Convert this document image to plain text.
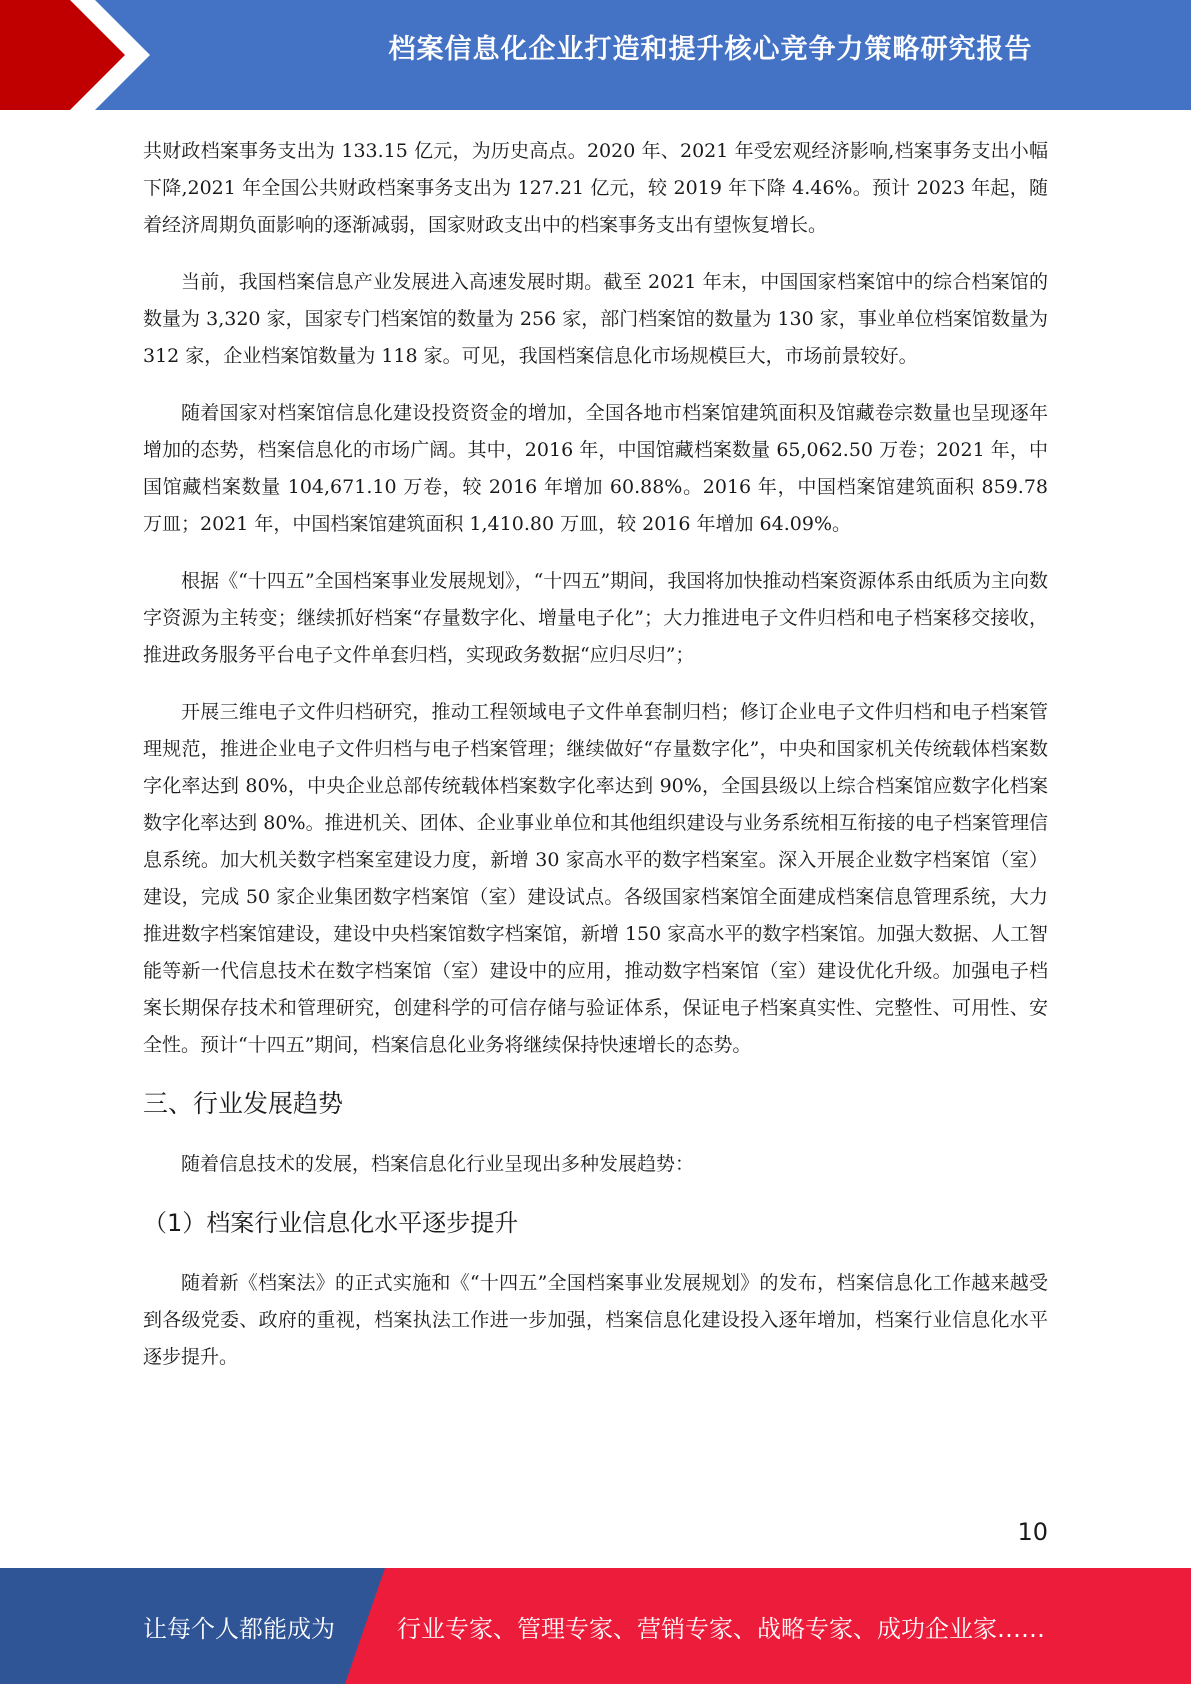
档案信息化企业打造和提升核心竞争力策略研究报告

共财政档案事务支出为 133.15 亿元，为历史高点。2020 年、2021 年受宏观经济影响,档案事务支出小幅下降,2021 年全国公共财政档案事务支出为 127.21 亿元，较 2019 年下降 4.46%。预计 2023 年起，随着经济周期负面影响的逐渐减弱，国家财政支出中的档案事务支出有望恢复增长。

当前，我国档案信息产业发展进入高速发展时期。截至 2021 年末，中国国家档案馆中的综合档案馆的数量为 3,320 家，国家专门档案馆的数量为 256 家，部门档案馆的数量为 130 家，事业单位档案馆数量为 312 家，企业档案馆数量为 118 家。可见，我国档案信息化市场规模巨大，市场前景较好。

随着国家对档案馆信息化建设投资资金的增加，全国各地市档案馆建筑面积及馆藏卷宗数量也呈现逐年增加的态势，档案信息化的市场广阔。其中，2016 年，中国馆藏档案数量 65,062.50 万卷；2021 年，中国馆藏档案数量 104,671.10 万卷，较 2016 年增加 60.88%。2016 年，中国档案馆建筑面积 859.78 万皿；2021 年，中国档案馆建筑面积 1,410.80 万皿，较 2016 年增加 64.09%。

根据《“十四五”全国档案事业发展规划》，“十四五”期间，我国将加快推动档案资源体系由纸质为主向数字资源为主转变；继续抓好档案“存量数字化、增量电子化”；大力推进电子文件归档和电子档案移交接收，推进政务服务平台电子文件单套归档，实现政务数据“应归尽归”；

开展三维电子文件归档研究，推动工程领域电子文件单套制归档；修订企业电子文件归档和电子档案管理规范，推进企业电子文件归档与电子档案管理；继续做好“存量数字化”，中央和国家机关传统载体档案数字化率达到 80%，中央企业总部传统载体档案数字化率达到 90%，全国县级以上综合档案馆应数字化档案数字化率达到 80%。推进机关、团体、企业事业单位和其他组织建设与业务系统相互衔接的电子档案管理信息系统。加大机关数字档案室建设力度，新增 30 家高水平的数字档案室。深入开展企业数字档案馆（室）建设，完成 50 家企业集团数字档案馆（室）建设试点。各级国家档案馆全面建成档案信息管理系统，大力推进数字档案馆建设，建设中央档案馆数字档案馆，新增 150 家高水平的数字档案馆。加强大数据、人工智能等新一代信息技术在数字档案馆（室）建设中的应用，推动数字档案馆（室）建设优化升级。加强电子档案长期保存技术和管理研究，创建科学的可信存储与验证体系，保证电子档案真实性、完整性、可用性、安全性。预计“十四五”期间，档案信息化业务将继续保持快速增长的态势。

三、行业发展趋势

随着信息技术的发展，档案信息化行业呈现出多种发展趋势：

（1）档案行业信息化水平逐步提升

随着新《档案法》的正式实施和《“十四五”全国档案事业发展规划》的发布，档案信息化工作越来越受到各级党委、政府的重视，档案执法工作进一步加强，档案信息化建设投入逐年增加，档案行业信息化水平逐步提升。

10
让每个人都能成为	行业专家、管理专家、营销专家、战略专家、成功企业家……
